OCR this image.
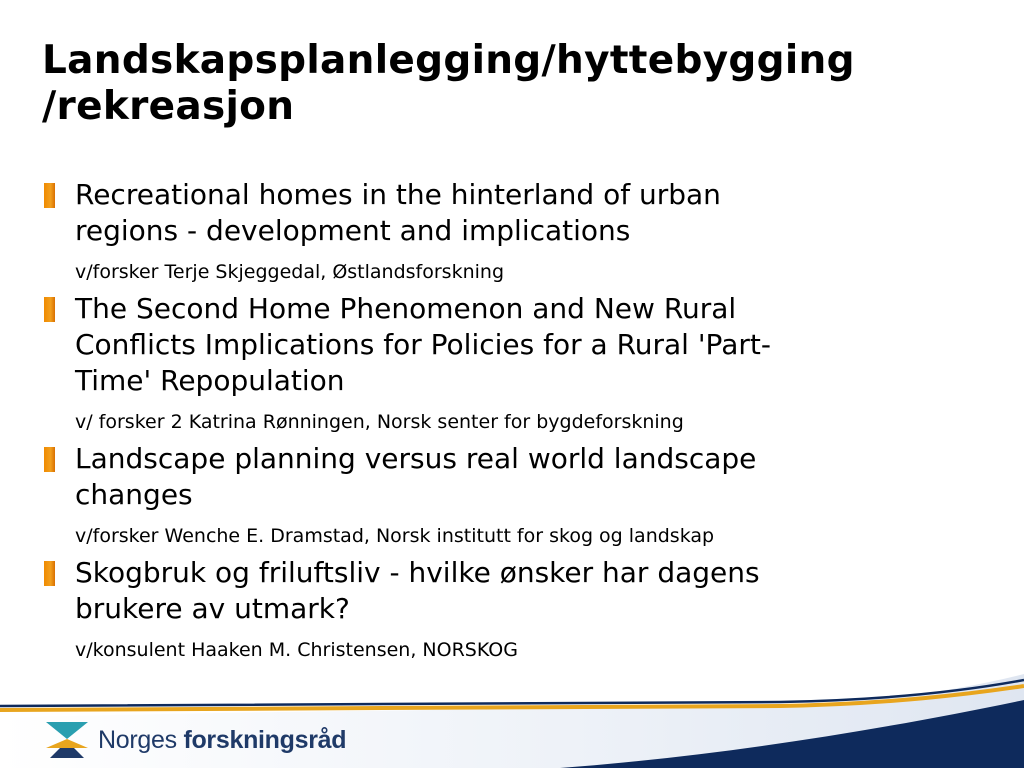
Landskapsplanlegging/hyttebygging
/rekreasjon
Recreational homes in the hinterland of urban
regions - development and implications
v/forsker Terje Skjeggedal, Østlandsforskning
The Second Home Phenomenon and New Rural
Conflicts Implications for Policies for a Rural 'Part-
Time' Repopulation
v/ forsker 2 Katrina Rønningen, Norsk senter for bygdeforskning
Landscape planning versus real world landscape
changes
v/forsker Wenche E. Dramstad, Norsk institutt for skog og landskap
Skogbruk og friluftsliv - hvilke ønsker har dagens
brukere av utmark?
v/konsulent Haaken M. Christensen, NORSKOG
Norges forskningsråd
